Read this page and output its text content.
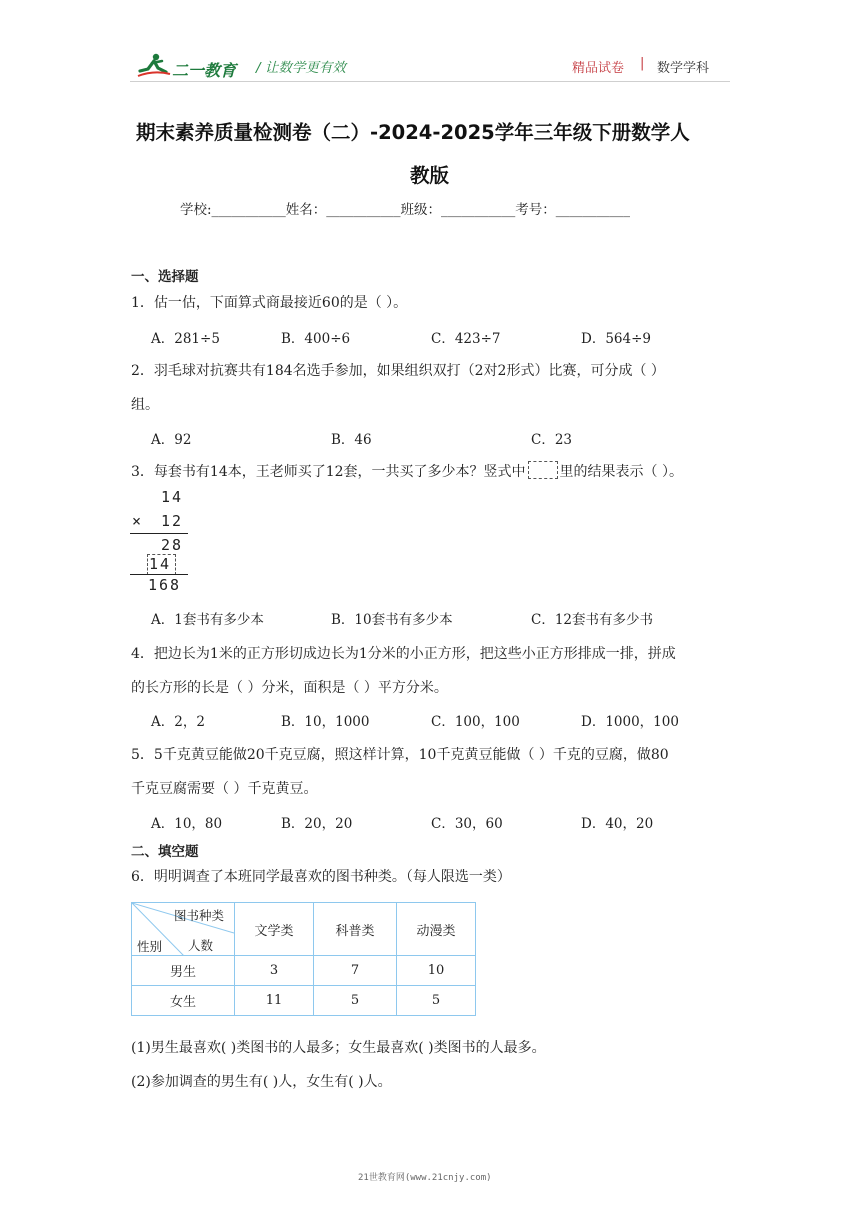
二一教育 / 让数学更有效	精品试卷 | 数学学科
期末素养质量检测卷（二）-2024-2025学年三年级下册数学人
教版
学校:___________姓名：___________班级：___________考号：___________
一、选择题
1．估一估，下面算式商最接近60的是（ ）。
A．281÷5	B．400÷6	C．423÷7	D．564÷9
2．羽毛球对抗赛共有184名选手参加，如果组织双打（2对2形式）比赛，可分成（ ）
组。
A．92	B．46	C．23
3．每套书有14本，王老师买了12套，一共买了多少本？竖式中 里的结果表示（ ）。
14
× 12
28
14
168
A．1套书有多少本	B．10套书有多少本	C．12套书有多少书
4．把边长为1米的正方形切成边长为1分米的小正方形，把这些小正方形排成一排，拼成
的长方形的长是（ ）分米，面积是（ ）平方分米。
A．2，2	B．10，1000	C．100，100	D．1000，100
5．5千克黄豆能做20千克豆腐，照这样计算，10千克黄豆能做（ ）千克的豆腐，做80
千克豆腐需要（ ）千克黄豆。
A．10，80	B．20，20	C．30，60	D．40，20
二、填空题
6．明明调查了本班同学最喜欢的图书种类。（每人限选一类）
图书种类
人数
性别	文学类	科普类	动漫类
男生	3	7	10
女生	11	5	5
(1)男生最喜欢( )类图书的人最多；女生最喜欢( )类图书的人最多。
(2)参加调查的男生有( )人，女生有( )人。
21世教育网(www.21cnjy.com)
